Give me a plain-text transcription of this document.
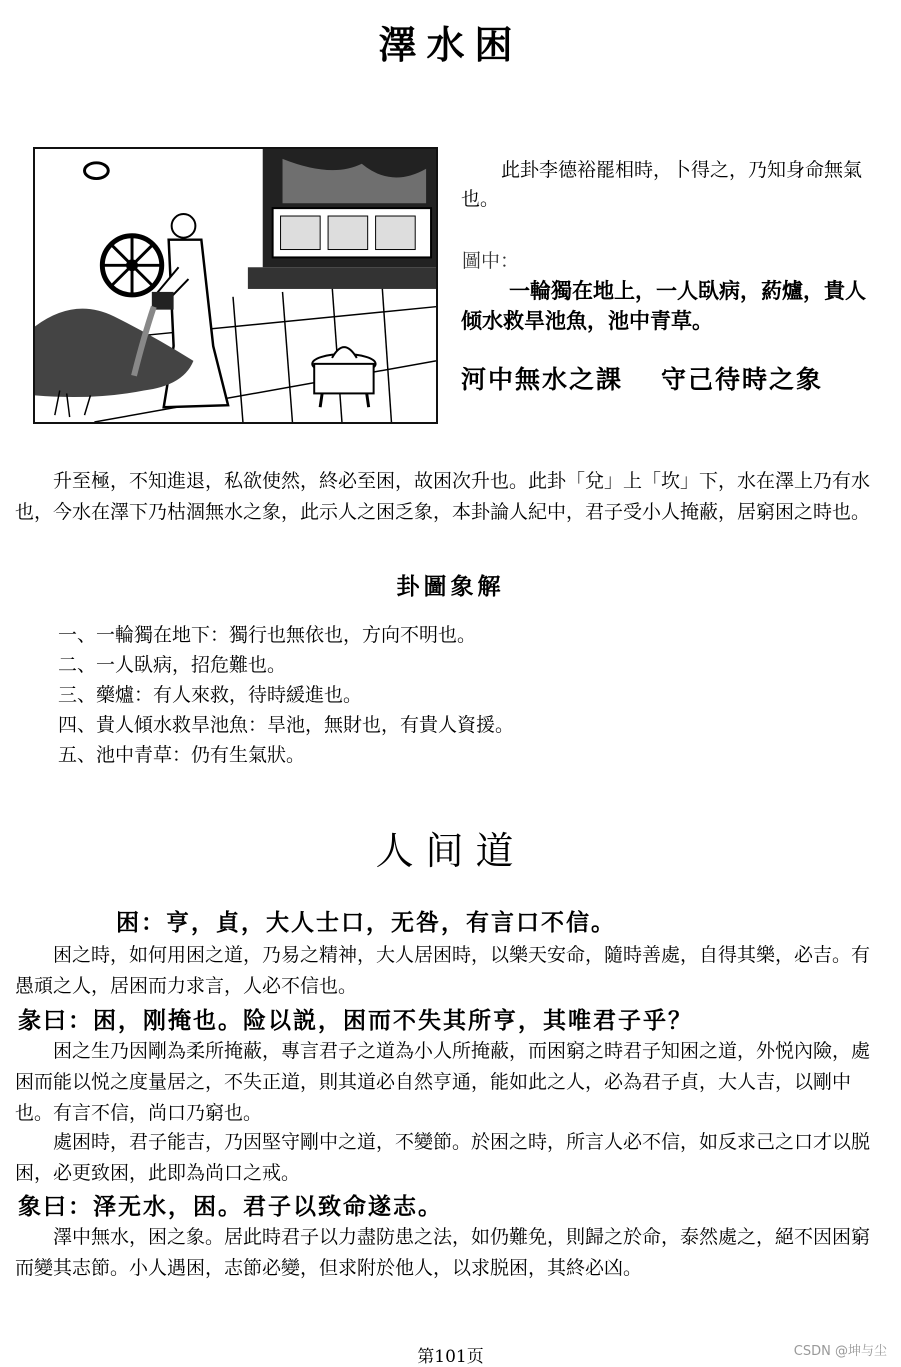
澤水困

此卦李德裕罷相時，卜得之，乃知身命無氣也。

圖中：

一輪獨在地上，一人臥病，葯爐，貴人倾水救旱池魚，池中青草。

河中無水之課 守己待時之象

升至極，不知進退，私欲使然，終必至困，故困次升也。此卦「兌」上「坎」下，水在澤上乃有水也，今水在澤下乃枯涸無水之象，此示人之困乏象，本卦論人紀中，君子受小人掩蔽，居窮困之時也。

卦圖象解
一、一輪獨在地下：獨行也無依也，方向不明也。
二、一人臥病，招危難也。
三、藥爐：有人來救，待時緩進也。
四、貴人傾水救旱池魚：旱池，無財也，有貴人資援。
五、池中青草：仍有生氣狀。
人间道
困：亨，貞，大人士口，无咎，有言口不信。

困之時，如何用困之道，乃易之精神，大人居困時，以樂天安命，隨時善處，自得其樂，必吉。有愚頑之人，居困而力求言，人必不信也。

彖曰：困，刚掩也。险以説，困而不失其所亨，其唯君子乎？

困之生乃因剛為柔所掩蔽，專言君子之道為小人所掩蔽，而困窮之時君子知困之道，外悦內險，處困而能以悦之度量居之，不失正道，則其道必自然亨通，能如此之人，必為君子貞，大人吉，以剛中也。有言不信，尚口乃窮也。

處困時，君子能吉，乃因堅守剛中之道，不變節。於困之時，所言人必不信，如反求己之口才以脱困，必更致困，此即為尚口之戒。

象曰：泽无水，困。君子以致命遂志。

澤中無水，困之象。居此時君子以力盡防患之法，如仍難免，則歸之於命，泰然處之，絕不因困窮而變其志節。小人遇困，志節必變，但求附於他人，以求脱困，其終必凶。

第101页	CSDN @坤与尘
